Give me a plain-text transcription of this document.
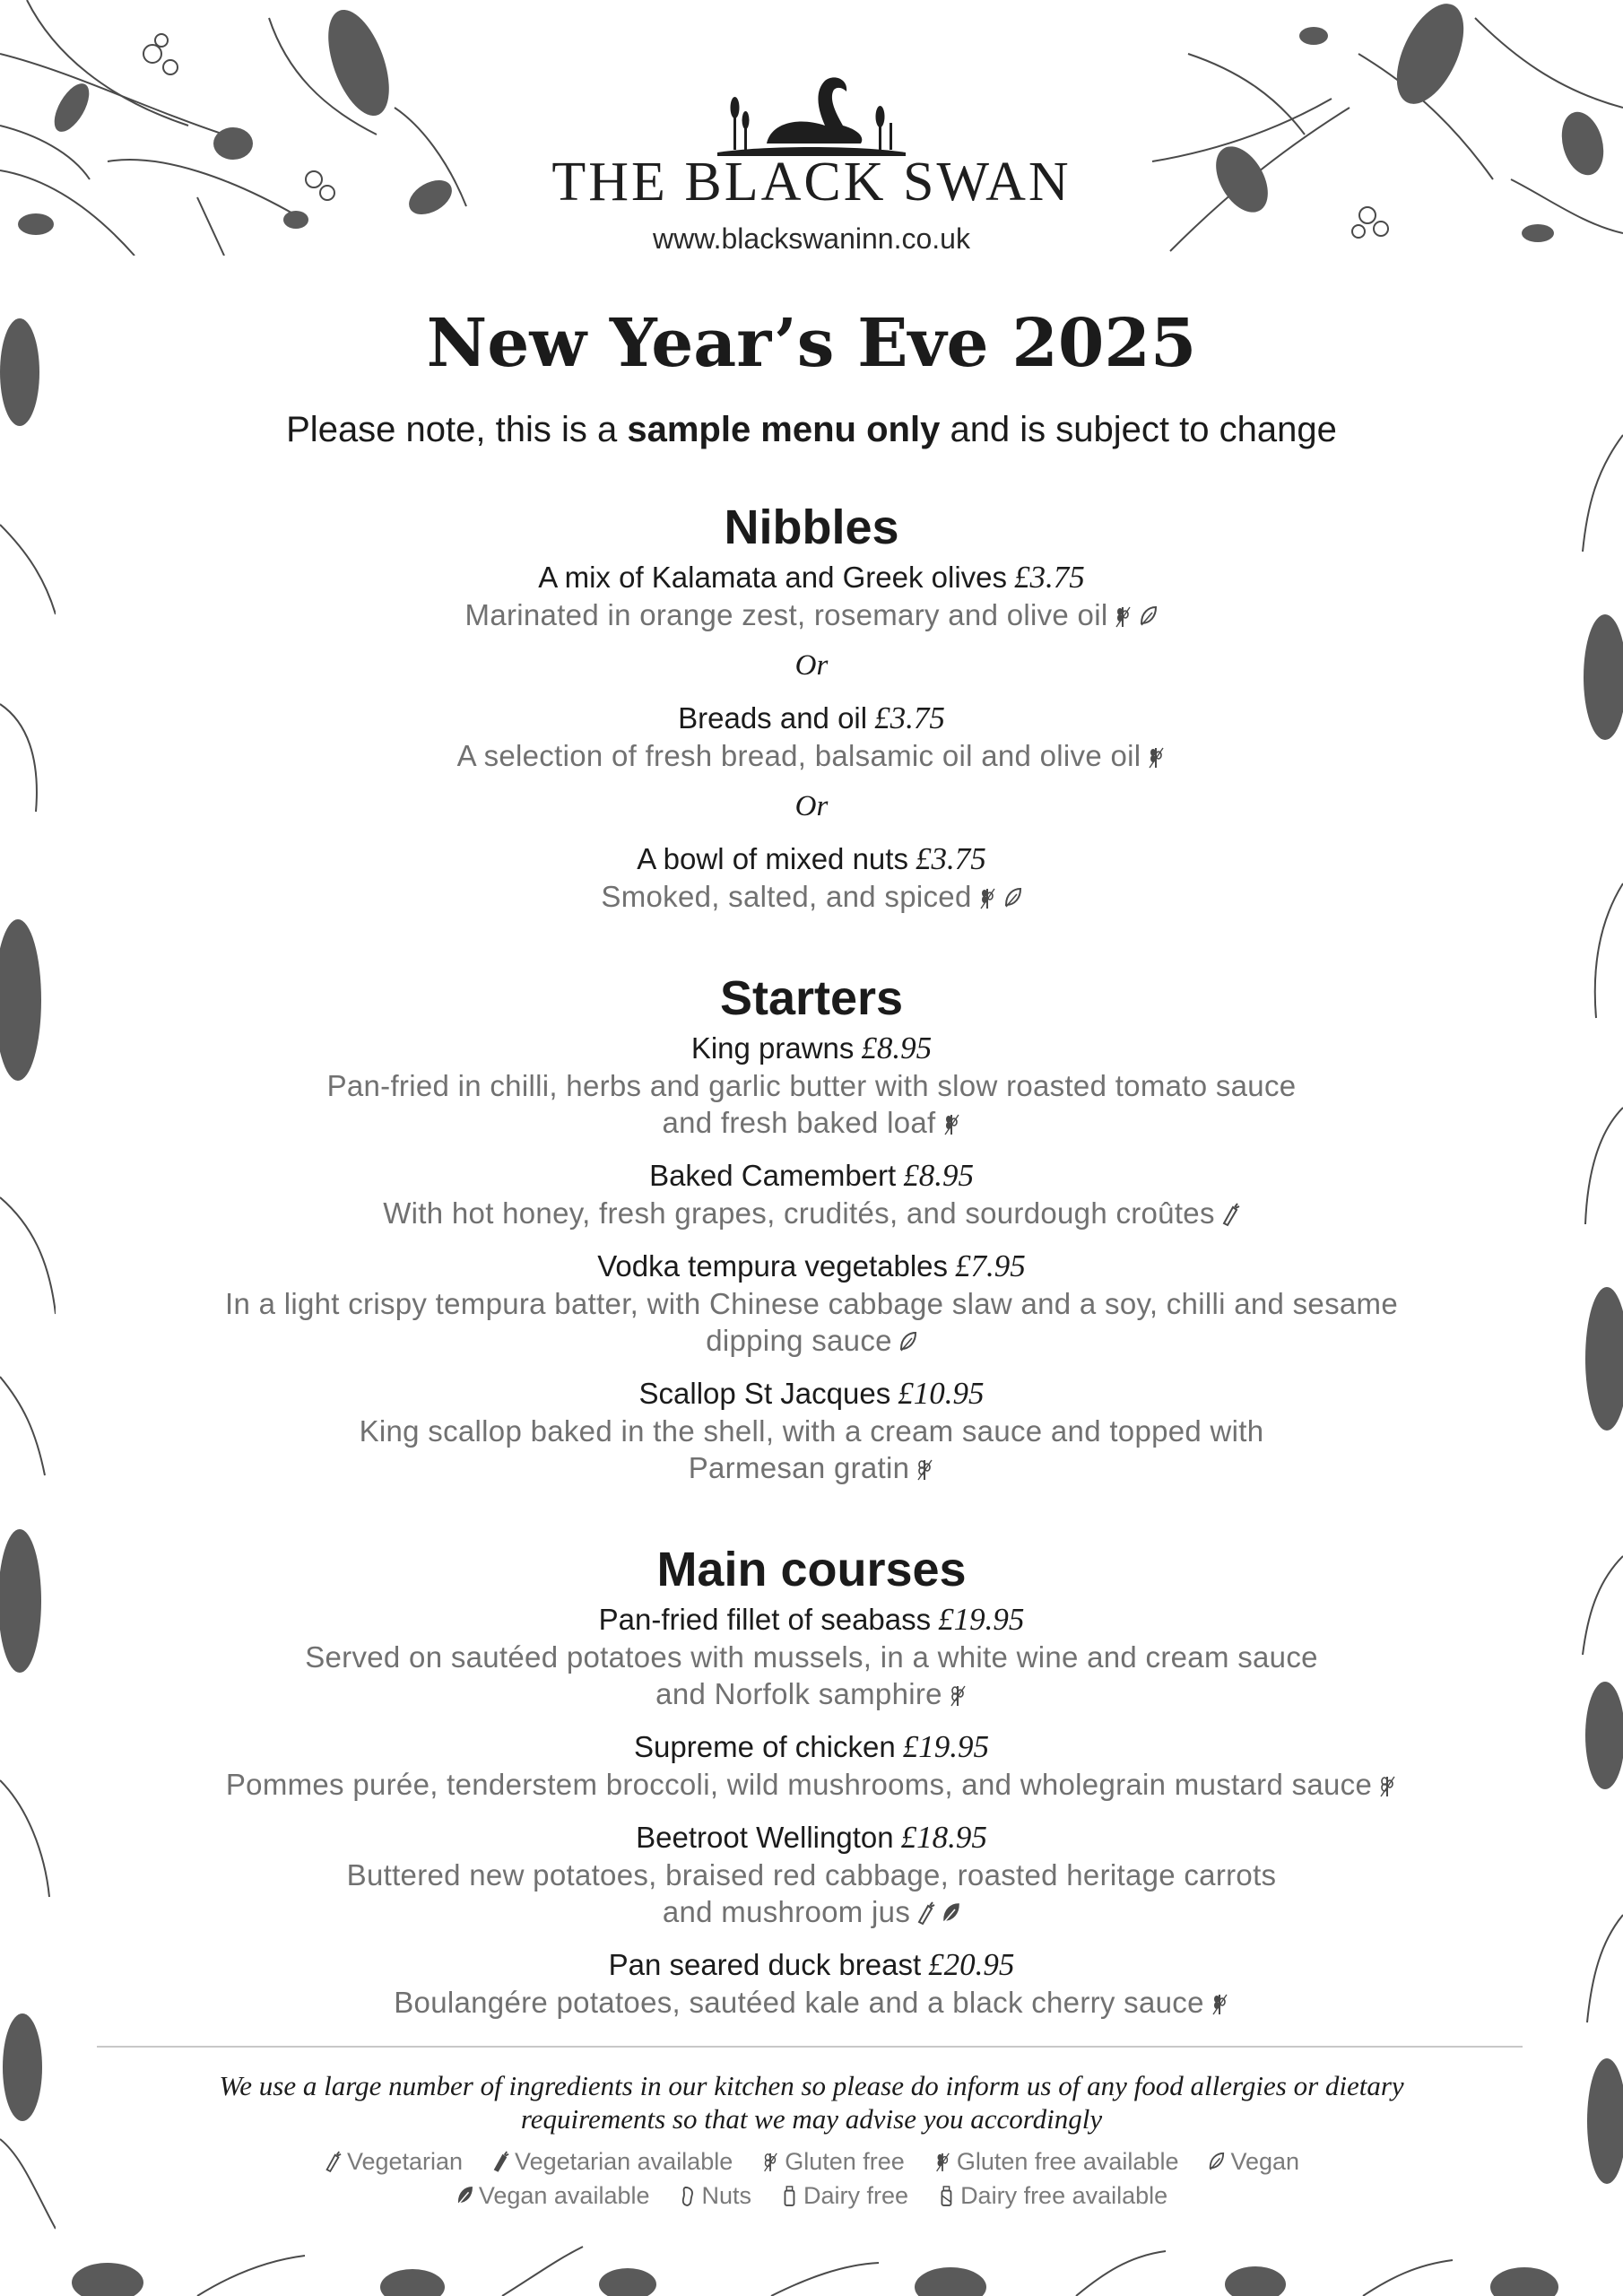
THE BLACK SWAN
www.blackswaninn.co.uk
New Year’s Eve 2025
Please note, this is a sample menu only and is subject to change
Nibbles
A mix of Kalamata and Greek olives £3.75
Marinated in orange zest, rosemary and olive oil
Or
Breads and oil £3.75
A selection of fresh bread, balsamic oil and olive oil
Or
A bowl of mixed nuts £3.75
Smoked, salted, and spiced
Starters
King prawns £8.95
Pan-fried in chilli, herbs and garlic butter with slow roasted tomato sauce
and fresh baked loaf
Baked Camembert £8.95
With hot honey, fresh grapes, crudités, and sourdough croûtes
Vodka tempura vegetables £7.95
In a light crispy tempura batter, with Chinese cabbage slaw and a soy, chilli and sesame
dipping sauce
Scallop St Jacques £10.95
King scallop baked in the shell, with a cream sauce and topped with
Parmesan gratin
Main courses
Pan-fried fillet of seabass £19.95
Served on sautéed potatoes with mussels, in a white wine and cream sauce
and Norfolk samphire
Supreme of chicken £19.95
Pommes purée, tenderstem broccoli, wild mushrooms, and wholegrain mustard sauce
Beetroot Wellington £18.95
Buttered new potatoes, braised red cabbage, roasted heritage carrots
and mushroom jus
Pan seared duck breast £20.95
Boulangére potatoes, sautéed kale and a black cherry sauce
We use a large number of ingredients in our kitchen so please do inform us of any food allergies or dietary
requirements so that we may advise you accordingly
Vegetarian Vegetarian available Gluten free Gluten free available Vegan
Vegan available Nuts Dairy free Dairy free available
